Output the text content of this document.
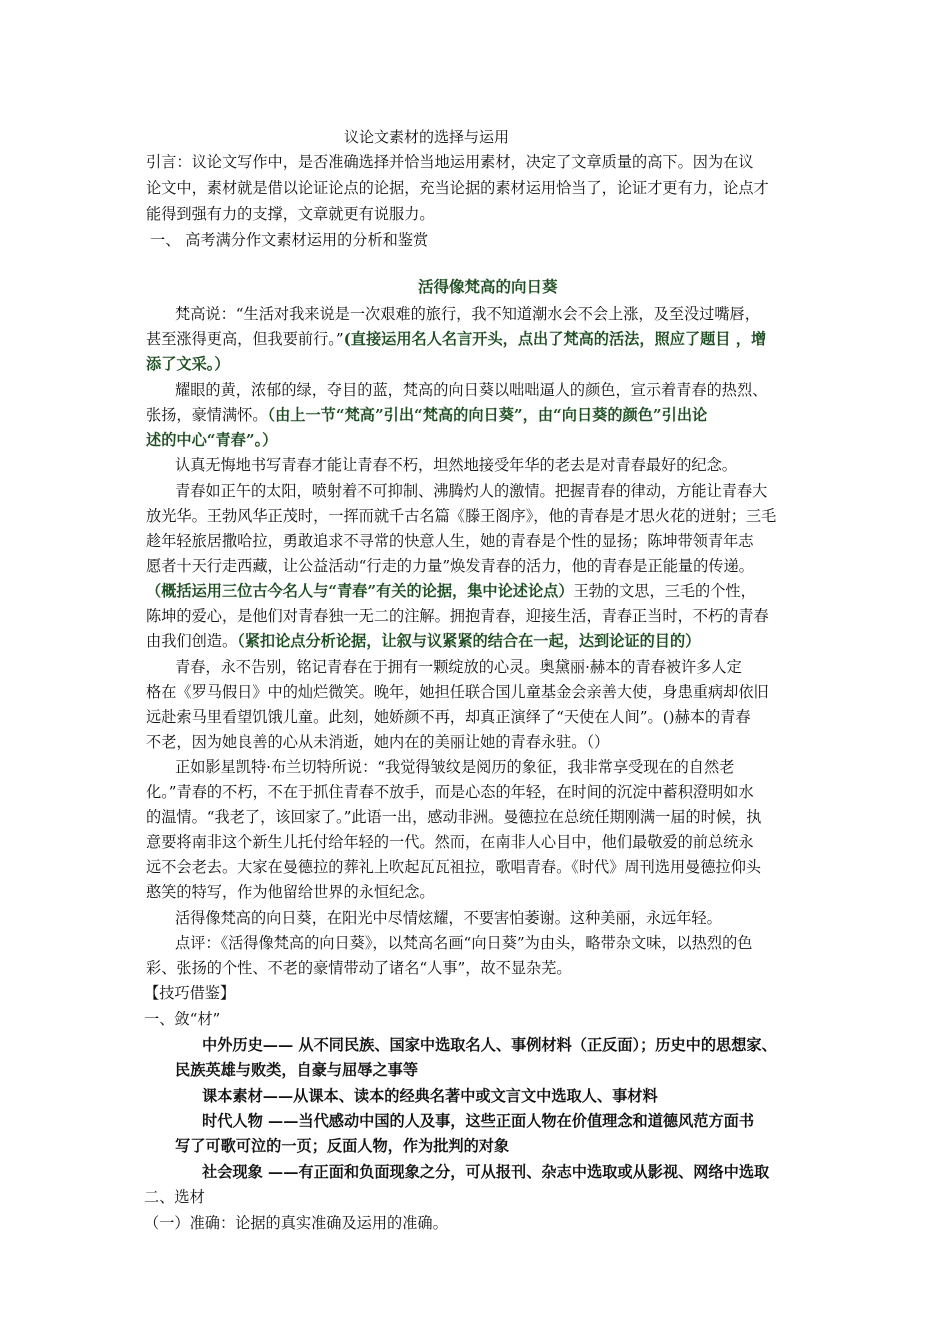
议论文素材的选择与运用
引言：议论文写作中，是否准确选择并恰当地运用素材，决定了文章质量的高下。因为在议
论文中，素材就是借以论证论点的论据，充当论据的素材运用恰当了，论证才更有力，论点才
能得到强有力的支撑，文章就更有说服力。
一、 高考满分作文素材运用的分析和鉴赏
活得像梵高的向日葵
梵高说：“生活对我来说是一次艰难的旅行，我不知道潮水会不会上涨，及至没过嘴唇，
甚至涨得更高，但我要前行。”(直接运用名人名言开头，点出了梵高的活法，照应了题目 ，增
添了文采。）
耀眼的黄，浓郁的绿，夺目的蓝，梵高的向日葵以咄咄逼人的颜色，宣示着青春的热烈、
张扬，豪情满怀。（由上一节“梵高”引出“梵高的向日葵”，由“向日葵的颜色”引出论
述的中心“青春”。）
认真无悔地书写青春才能让青春不朽，坦然地接受年华的老去是对青春最好的纪念。
青春如正午的太阳，喷射着不可抑制、沸腾灼人的激情。把握青春的律动，方能让青春大
放光华。王勃风华正茂时，一挥而就千古名篇《滕王阁序》，他的青春是才思火花的迸射；三毛
趁年轻旅居撒哈拉，勇敢追求不寻常的快意人生，她的青春是个性的显扬；陈坤带领青年志
愿者十天行走西藏，让公益活动“行走的力量”焕发青春的活力，他的青春是正能量的传递。
（概括运用三位古今名人与“青春”有关的论据，集中论述论点）王勃的文思，三毛的个性，
陈坤的爱心，是他们对青春独一无二的注解。拥抱青春，迎接生活，青春正当时，不朽的青春
由我们创造。（紧扣论点分析论据，让叙与议紧紧的结合在一起，达到论证的目的）
青春，永不告别，铭记青春在于拥有一颗绽放的心灵。奥黛丽·赫本的青春被许多人定
格在《罗马假日》中的灿烂微笑。晚年，她担任联合国儿童基金会亲善大使，身患重病却依旧
远赴索马里看望饥饿儿童。此刻，她娇颜不再，却真正演绎了“天使在人间”。()赫本的青春
不老，因为她良善的心从未消逝，她内在的美丽让她的青春永驻。（）
正如影星凯特·布兰切特所说：“我觉得皱纹是阅历的象征，我非常享受现在的自然老
化。”青春的不朽，不在于抓住青春不放手，而是心态的年轻，在时间的沉淀中蓄积澄明如水
的温情。“我老了，该回家了。”此语一出，感动非洲。曼德拉在总统任期刚满一届的时候，执
意要将南非这个新生儿托付给年轻的一代。然而，在南非人心目中，他们最敬爱的前总统永
远不会老去。大家在曼德拉的葬礼上吹起瓦瓦祖拉，歌唱青春。《时代》周刊选用曼德拉仰头
憨笑的特写，作为他留给世界的永恒纪念。
活得像梵高的向日葵，在阳光中尽情炫耀，不要害怕萎谢。这种美丽，永远年轻。
点评：《活得像梵高的向日葵》，以梵高名画“向日葵”为由头，略带杂文味，以热烈的色
彩、张扬的个性、不老的豪情带动了诸名“人事”，故不显杂芜。
【技巧借鉴】
一、敛“材”
中外历史—— 从不同民族、国家中选取名人、事例材料（正反面）；历史中的思想家、
民族英雄与败类，自豪与屈辱之事等
课本素材——从课本、读本的经典名著中或文言文中选取人、事材料
时代人物 ——当代感动中国的人及事，这些正面人物在价值理念和道德风范方面书
写了可歌可泣的一页；反面人物，作为批判的对象
社会现象 ——有正面和负面现象之分，可从报刊、杂志中选取或从影视、网络中选取
二、选材
（一）准确：论据的真实准确及运用的准确。
